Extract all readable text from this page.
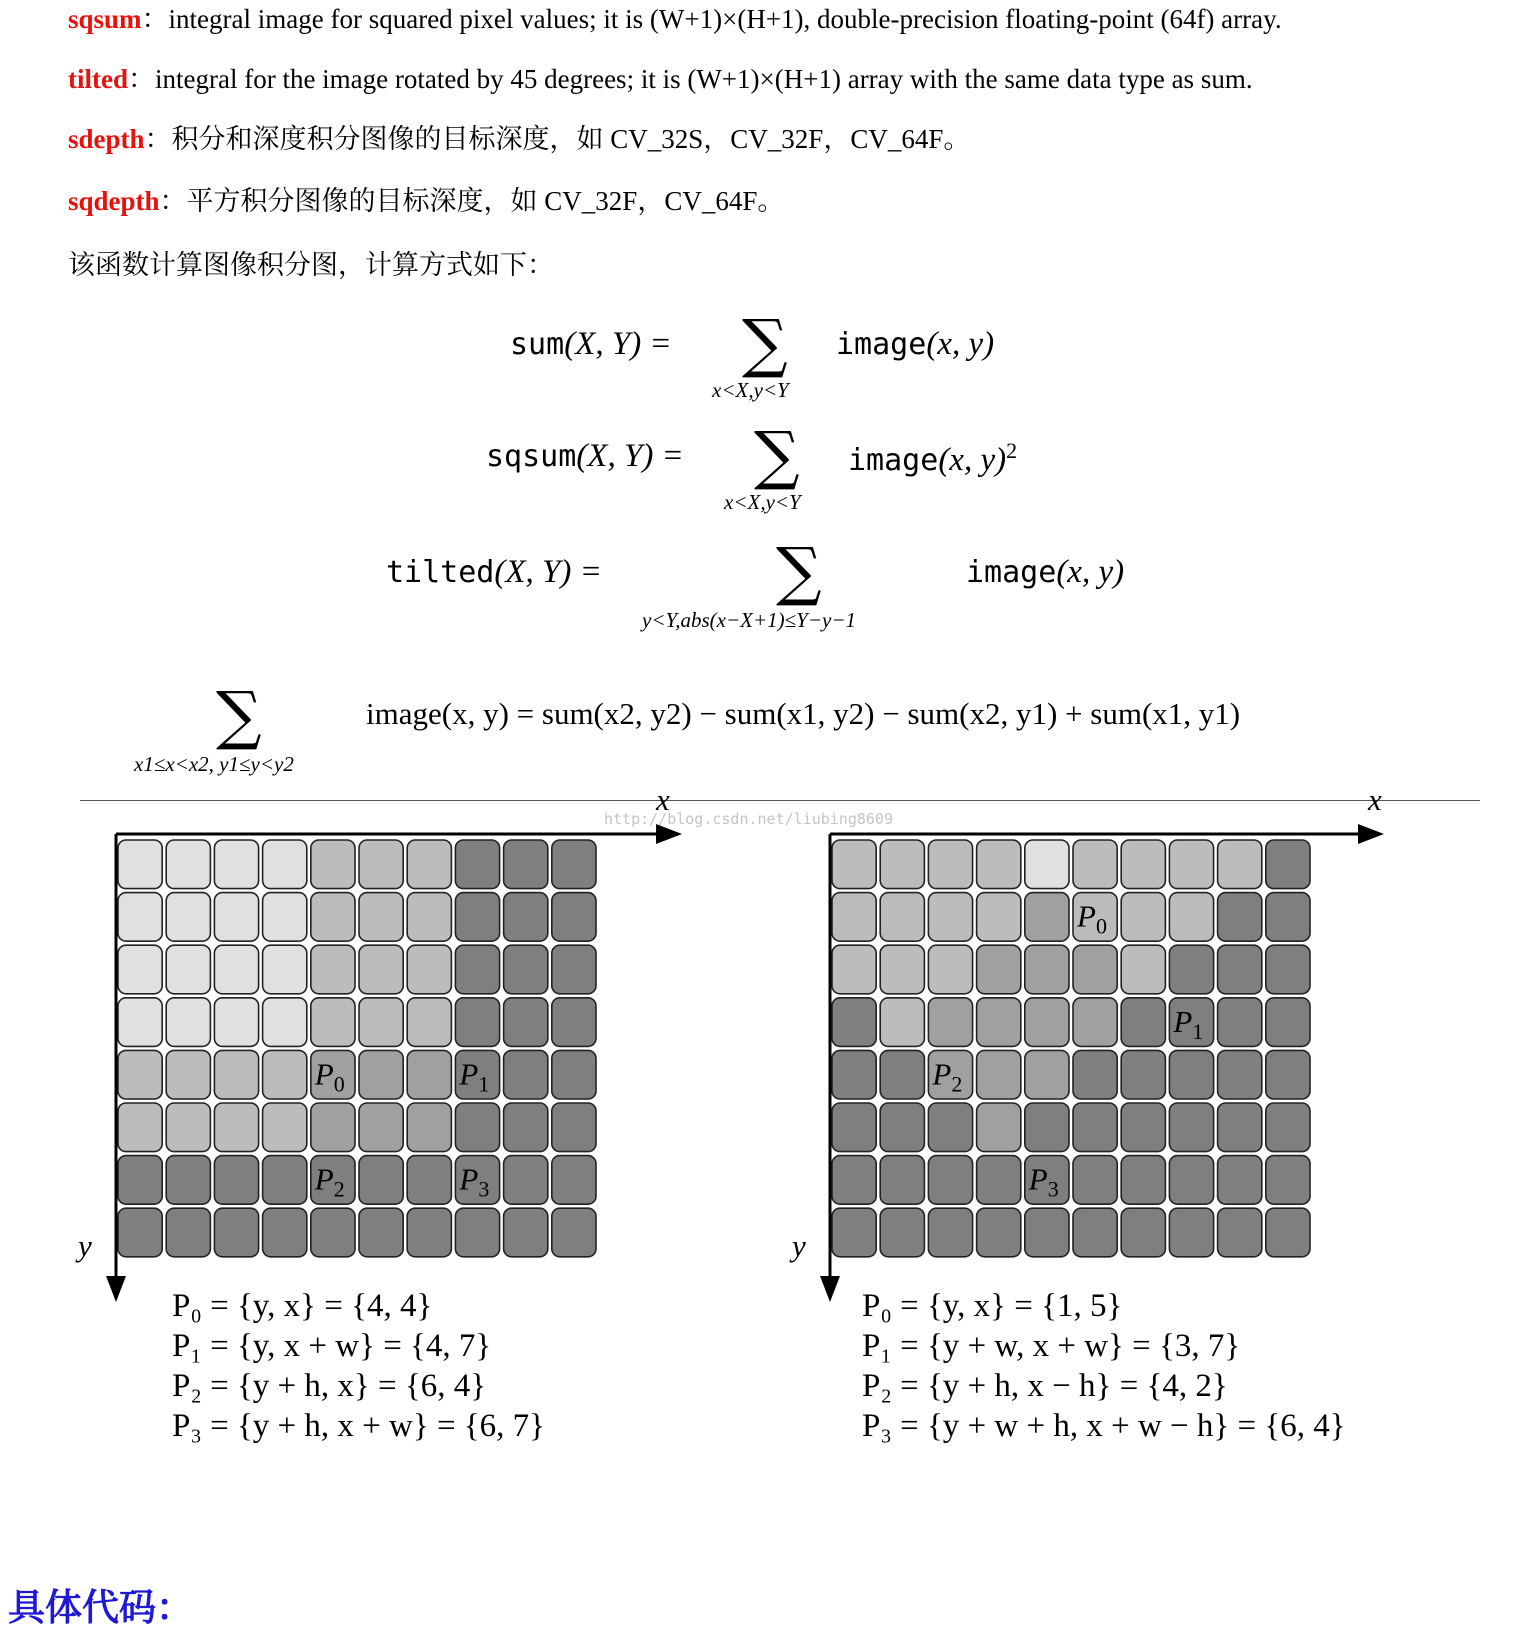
sqsum：integral image for squared pixel values; it is (W+1)×(H+1), double-precision floating-point (64f) array.
tilted：integral for the image rotated by 45 degrees; it is (W+1)×(H+1) array with the same data type as sum.
sdepth：积分和深度积分图像的目标深度，如 CV_32S，CV_32F，CV_64F。
sqdepth：平方积分图像的目标深度，如 CV_32F，CV_64F。
该函数计算图像积分图，计算方式如下：
sum(X, Y) = ∑
x<X,y<Y
image(x, y)
sqsum(X, Y) = ∑
x<X,y<Y
image(x, y)$^2$
tilted(X, Y) =	∑
y<Y,abs(x−X+1)≤Y−y−1
image(x, y)
∑
x1≤x<x2, y1≤y<y2
image(x, y) = sum(x2, y2) − sum(x1, y2) − sum(x2, y1) + sum(x1, y1)
http://blog.csdn.net/liubing8609
$P_0$	$P_1$
$P_2$	$P_3$
x
y
P₀ = {y, x} = {4, 4}
P₁ = {y, x + w} = {4, 7}
P₂ = {y + h, x} = {6, 4}
P₃ = {y + h, x + w} = {6, 7}
$P_0$
$P_1$
$P_2$
$P_3$
x
y
P₀ = {y, x} = {1, 5}
P₁ = {y + w, x + w} = {3, 7}
P₂ = {y + h, x − h} = {4, 2}
P₃ = {y + w + h, x + w − h} = {6, 4}
具体代码：
